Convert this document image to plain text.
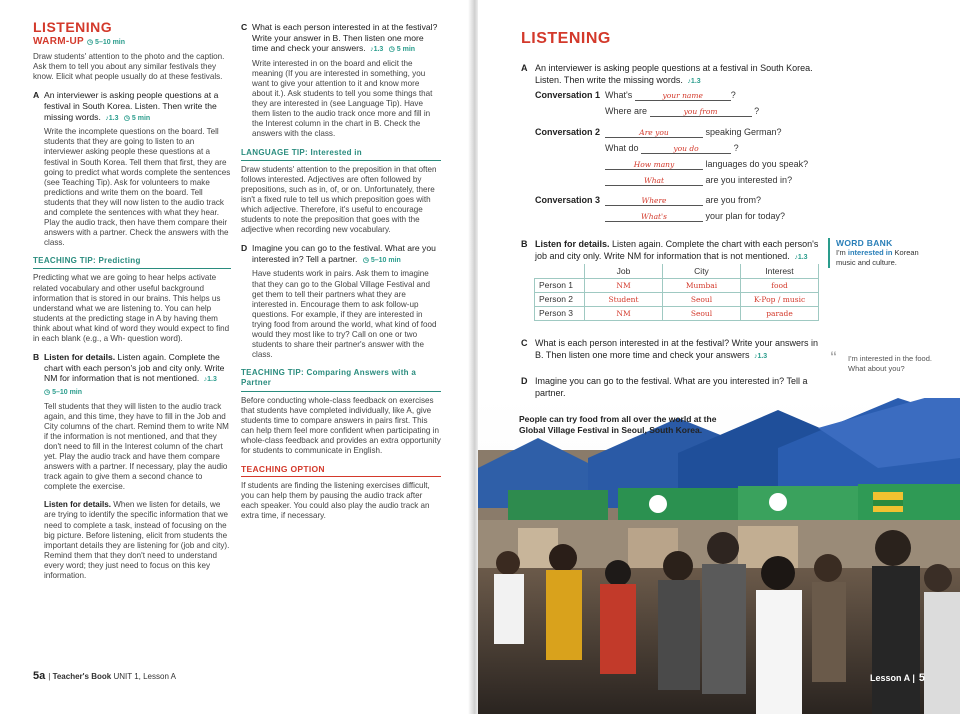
LISTENING
WARM-UP ◷ 5–10 min

Draw students' attention to the photo and the caption. Ask them to tell you about any similar festivals they know. Elicit what people usually do at these festivals.

A An interviewer is asking people questions at a festival in South Korea. Listen. Then write the missing words. ♪1.3 ◷ 5 min

Write the incomplete questions on the board. Tell students that they are going to listen to an interviewer asking people these questions at a festival in South Korea. Tell them that first, they are going to predict what words complete the sentences (see Teaching Tip). Ask for volunteers to make predictions and write them on the board. Tell students that they will now listen to the audio track and complete the sentences with what they hear. Play the audio track, then have them compare their answers with a partner. Check the answers with the class.

TEACHING TIP: Predicting

Predicting what we are going to hear helps activate related vocabulary and other useful background information that is stored in our brains. This helps us understand what we are listening to. You can help students at the predicting stage in A by having them think about what kind of word they would expect to find in each blank (e.g., a Wh- question word).

B Listen for details. Listen again. Complete the chart with each person's job and city only. Write NM for information that is not mentioned. ♪1.3
◷ 5–10 min

Tell students that they will listen to the audio track again, and this time, they have to fill in the Job and City columns of the chart. Remind them to write NM if the information is not mentioned, and that they don't need to fill in the Interest column of the chart yet. Play the audio track and have them compare answers with a partner. If necessary, play the audio track again to give them a second chance to complete the exercise.

Listen for details. When we listen for details, we are trying to identify the specific information that we need to complete a task, instead of focusing on the big picture. Before listening, elicit from students the important details they are listening for (job and city). Remind them that they don't need to understand every word; they just need to focus on this key information.

C What is each person interested in at the festival? Write your answer in B. Then listen one more time and check your answers. ♪1.3 ◷ 5 min

Write interested in on the board and elicit the meaning (If you are interested in something, you want to give your attention to it and know more about it.). Ask students to tell you some things that they are interested in (see Language Tip). Have them listen to the audio track once more and fill in the Interest column in the chart in B. Check the answers with the class.

LANGUAGE TIP: Interested in

Draw students' attention to the preposition in that often follows interested. Adjectives are often followed by prepositions, such as in, of, or on. Unfortunately, there isn't a fixed rule to tell us which preposition goes with which adjective. Therefore, it's useful to encourage students to note the preposition that goes with the adjective when recording new vocabulary.

D Imagine you can go to the festival. What are you interested in? Tell a partner. ◷ 5–10 min

Have students work in pairs. Ask them to imagine that they can go to the Global Village Festival and get them to tell their partners what they are interested in. Encourage them to ask follow-up questions. For example, if they are interested in trying food from around the world, what kind of food would they most like to try? Call on one or two students to share their partner's answer with the class.

TEACHING TIP: Comparing Answers with a Partner

Before conducting whole-class feedback on exercises that students have completed individually, like A, give students time to compare answers in pairs first. This can help them feel more confident when participating in whole-class feedback and provides an extra opportunity for students to communicate in English.

TEACHING OPTION

If students are finding the listening exercises difficult, you can help them by pausing the audio track after each speaker. You could also play the audio track an extra time, if necessary.

5a | Teacher's Book UNIT 1, Lesson A
LISTENING
A An interviewer is asking people questions at a festival in South Korea. Listen. Then write the missing words. ♪1.3
Conversation 1 What's	your name	?
Where are	you from	?
Conversation 2	Are you	speaking German?
What do	you do	?
How many	languages do you speak?
What	are you interested in?
Conversation 3	Where	are you from?
What's	your plan for today?
B Listen for details. Listen again. Complete the chart with each person's job and city only. Write NM for information that is not mentioned. ♪1.3
	Job	City	Interest
Person 1	NM	Mumbai	food
Person 2	Student	Seoul	K-Pop / music
Person 3	NM	Seoul	parade
WORD BANK
I'm interested in Korean music and culture.
C What is each person interested in at the festival? Write your answers in B. Then listen one more time and check your answers ♪1.3
D Imagine you can go to the festival. What are you interested in? Tell a partner.
“ I'm interested in the food. What about you?
People can try food from all over the world at the Global Village Festival in Seoul, South Korea.
Lesson A | 5
